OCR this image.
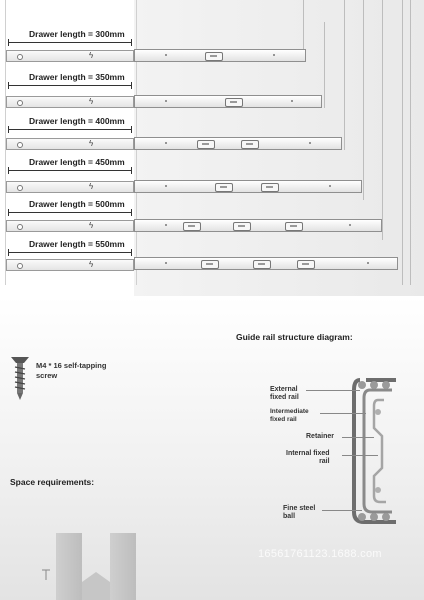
Drawer length = 300mm
ϟ
Drawer length = 350mm
ϟ
Drawer length = 400mm
ϟ
Drawer length = 450mm
ϟ
Drawer length = 500mm
ϟ
Drawer length = 550mm
ϟ
Guide rail structure diagram:
M4 * 16 self-tapping
screw
Space requirements:
External
fixed rail
Intermediate
fixed rail
Retainer
Internal fixed
rail
Fine steel
ball
16561761123.1688.com
